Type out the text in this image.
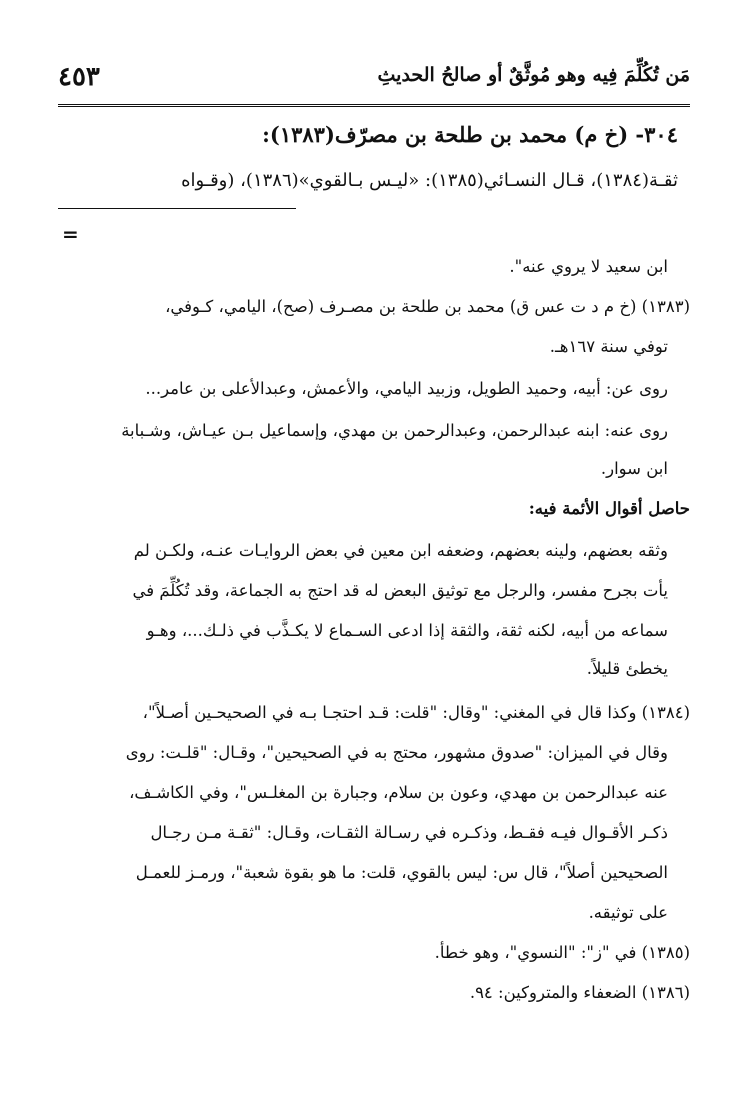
مَن تُكُلِّمَ فِيه وهو مُوثَّقٌ أو صالحُ الحديثِ
٤٥٣
٣٠٤- (خ م) محمد بن طلحة بن مصرّف(١٣٨٣):
ثقـة(١٣٨٤)، قـال النسـائي(١٣٨٥): «ليـس بـالقوي»(١٣٨٦)، (وقـواه
=
ابن سعيد لا يروي عنه".
(١٣٨٣) (خ م د ت عس ق) محمد بن طلحة بن مصـرف (صح)، اليامي، كـوفي،
توفي سنة ١٦٧هـ.
روى عن: أبيه، وحميد الطويل، وزبيد اليامي، والأعمش، وعبدالأعلى بن عامر...
روى عنه: ابنه عبدالرحمن، وعبدالرحمن بن مهدي، وإسماعيل بـن عيـاش، وشـبابة
ابن سوار.
حاصل أقوال الأئمة فيه:
وثقه بعضهم، ولينه بعضهم، وضعفه ابن معين في بعض الروايـات عنـه، ولكـن لم
يأت بجرح مفسر، والرجل مع توثيق البعض له قد احتج به الجماعة، وقد تُكُلِّمَ في
سماعه من أبيه، لكنه ثقة، والثقة إذا ادعى السـماع لا يكـذَّب في ذلـك...، وهـو
يخطئ قليلاً.
(١٣٨٤) وكذا قال في المغني: "وقال: "قلت: قـد احتجـا بـه في الصحيحـين أصـلاً"،
وقال في الميزان: "صدوق مشهور، محتج به في الصحيحين"، وقـال: "قلـت: روى
عنه عبدالرحمن بن مهدي، وعون بن سلام، وجبارة بن المغلـس"، وفي الكاشـف،
ذكـر الأقـوال فيـه فقـط، وذكـره في رسـالة الثقـات، وقـال: "ثقـة مـن رجـال
الصحيحين أصلاً"، قال س: ليس بالقوي، قلت: ما هو بقوة شعبة"، ورمـز للعمـل
على توثيقه.
(١٣٨٥) في "ز": "النسوي"، وهو خطأ.
(١٣٨٦) الضعفاء والمتروكين: ٩٤.
